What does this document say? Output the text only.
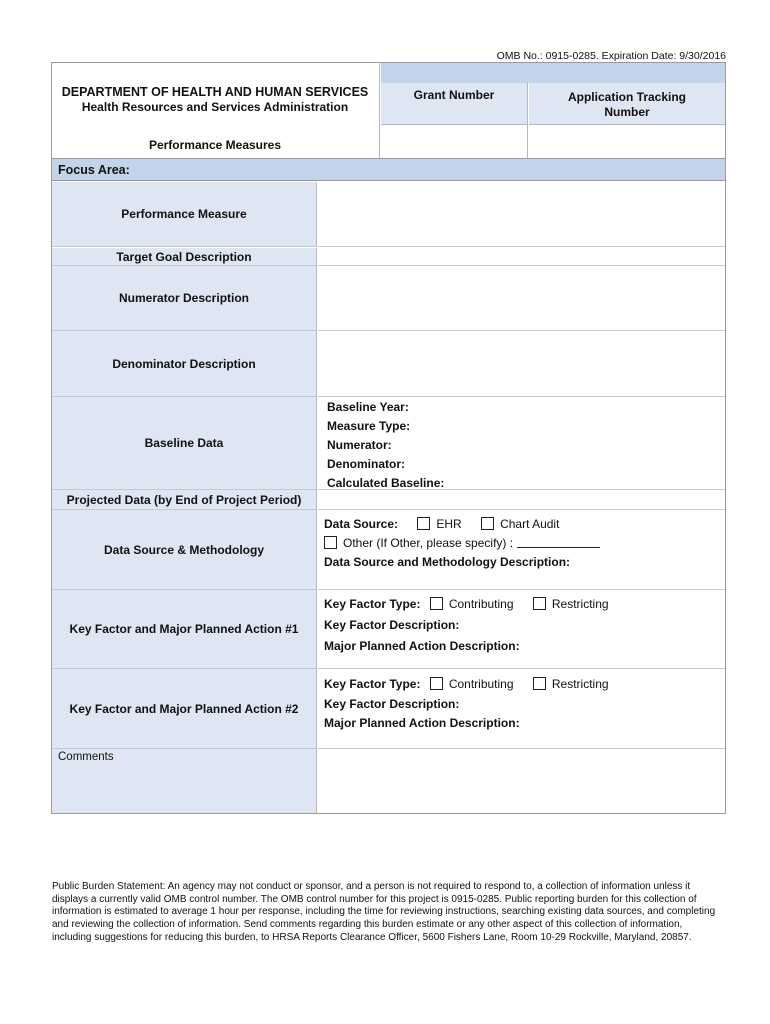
OMB No.: 0915-0285. Expiration Date: 9/30/2016
DEPARTMENT OF HEALTH AND HUMAN SERVICES
Health Resources and Services Administration
Performance Measures
Grant Number	Application Tracking
Number
Focus Area:
Performance Measure
Target Goal Description
Numerator Description
Denominator Description
Baseline Data
Baseline Year:
Measure Type:
Numerator:
Denominator:
Calculated Baseline:
Projected Data (by End of Project Period)
Data Source & Methodology
Data Source:	EHR	Chart Audit
Other (If Other, please specify) :
Data Source and Methodology Description:
Key Factor and Major Planned Action #1
Key Factor Type: Contributing	Restricting
Key Factor Description:
Major Planned Action Description:
Key Factor and Major Planned Action #2
Key Factor Type: Contributing	Restricting
Key Factor Description:
Major Planned Action Description:
Comments
Public Burden Statement: An agency may not conduct or sponsor, and a person is not required to respond to, a collection of information unless it
displays a currently valid OMB control number. The OMB control number for this project is 0915-0285. Public reporting burden for this collection of
information is estimated to average 1 hour per response, including the time for reviewing instructions, searching existing data sources, and completing
and reviewing the collection of information. Send comments regarding this burden estimate or any other aspect of this collection of information,
including suggestions for reducing this burden, to HRSA Reports Clearance Officer, 5600 Fishers Lane, Room 10-29 Rockville, Maryland, 20857.
